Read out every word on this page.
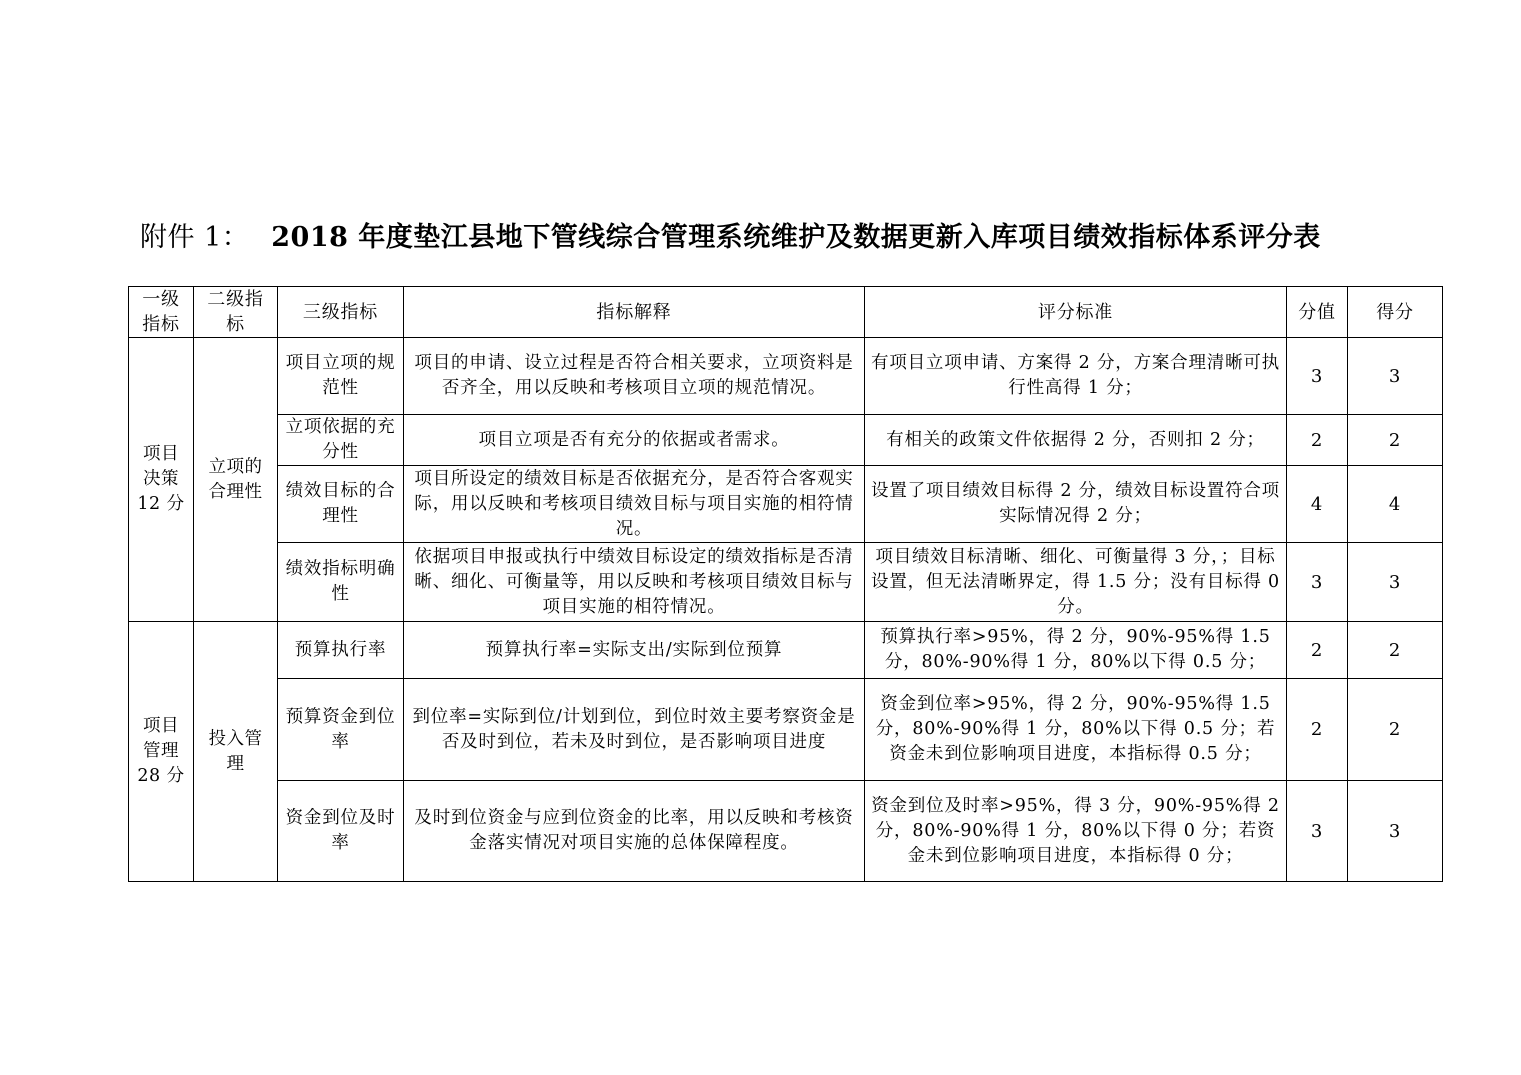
附件 1： 2018 年度垫江县地下管线综合管理系统维护及数据更新入库项目绩效指标体系评分表
一级指标	二级指标	三级指标	指标解释	评分标准	分值	得分
项目决策 12 分	立项的合理性	项目立项的规范性	项目的申请、设立过程是否符合相关要求，立项资料是否齐全，用以反映和考核项目立项的规范情况。	有项目立项申请、方案得 2 分，方案合理清晰可执行性高得 1 分；	3	3
		立项依据的充分性	项目立项是否有充分的依据或者需求。	有相关的政策文件依据得 2 分，否则扣 2 分；	2	2
		绩效目标的合理性	项目所设定的绩效目标是否依据充分，是否符合客观实际，用以反映和考核项目绩效目标与项目实施的相符情况。	设置了项目绩效目标得 2 分，绩效目标设置符合项实际情况得 2 分；	4	4
		绩效指标明确性	依据项目申报或执行中绩效目标设定的绩效指标是否清晰、细化、可衡量等，用以反映和考核项目绩效目标与项目实施的相符情况。	项目绩效目标清晰、细化、可衡量得 3 分，；目标设置，但无法清晰界定，得 1.5 分；没有目标得 0 分。	3	3
项目管理 28 分	投入管理	预算执行率	预算执行率=实际支出/实际到位预算	预算执行率>95%，得 2 分，90%-95%得 1.5 分，80%-90%得 1 分，80%以下得 0.5 分；	2	2
		预算资金到位率	到位率=实际到位/计划到位，到位时效主要考察资金是否及时到位，若未及时到位，是否影响项目进度	资金到位率>95%，得 2 分，90%-95%得 1.5 分，80%-90%得 1 分，80%以下得 0.5 分；若资金未到位影响项目进度，本指标得 0.5 分；	2	2
		资金到位及时率	及时到位资金与应到位资金的比率，用以反映和考核资金落实情况对项目实施的总体保障程度。	资金到位及时率>95%，得 3 分，90%-95%得 2 分，80%-90%得 1 分，80%以下得 0 分；若资金未到位影响项目进度，本指标得 0 分；	3	3
